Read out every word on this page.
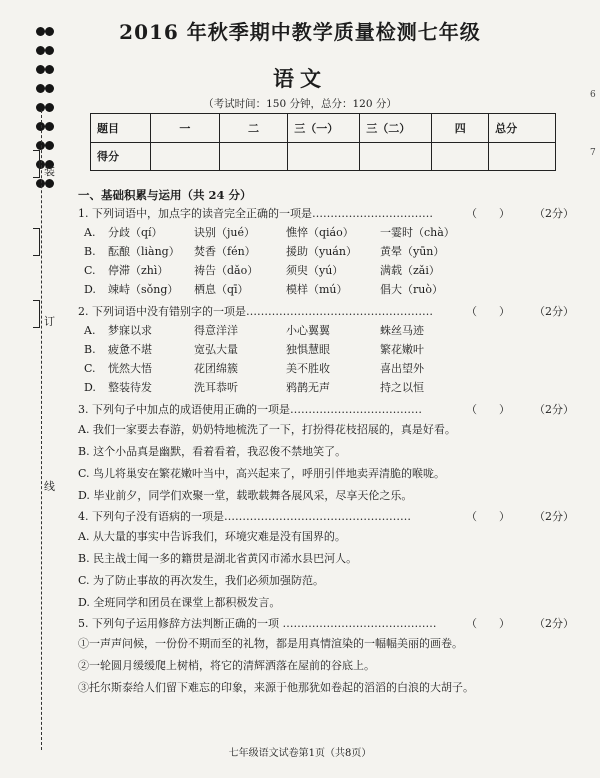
装
订
线
6
7
2016 年秋季期中教学质量检测七年级
语文
（考试时间：150 分钟，总分：120 分）
题目	一	二	三（一）	三（二）	四	总分
得分						
一、基础积累与运用（共 24 分）
1. 下列词语中，加点字的读音完全正确的一项是……………………………	（　　）	（2分）
A.	分歧（qí）	诀别（jué）	憔悴（qiáo）	一霎时（chà）
B.	酝酿（liàng）	焚香（fén）	援助（yuán）	黄晕（yūn）
C.	停滞（zhì）	祷告（dǎo）	须臾（yú）	满载（zǎi）
D.	竦峙（sǒng）	栖息（qī）	模样（mú）	倡大（ruò）
2. 下列词语中没有错别字的一项是……………………………………………	（　　）	（2分）
A.	梦寐以求	得意洋洋	小心翼翼	蛛丝马迹
B.	疲惫不堪	宽弘大量	独惧慧眼	繁花嫩叶
C.	恍然大悟	花团绵簇	美不胜收	喜出望外
D.	整装待发	洗耳恭听	鸦鹊无声	持之以恒
3. 下列句子中加点的成语使用正确的一项是………………………………	（　　）	（2分）
A. 我们一家要去春游，奶奶特地梳洗了一下，打扮得花枝招展的，真是好看。
B. 这个小品真是幽默，看着看着，我忍俊不禁地笑了。
C. 鸟儿将巢安在繁花嫩叶当中，高兴起来了，呼朋引伴地卖弄清脆的喉咙。
D. 毕业前夕，同学们欢聚一堂，载歌载舞各展风采，尽享天伦之乐。
4. 下列句子没有语病的一项是……………………………………………	（　　）	（2分）
A. 从大量的事实中告诉我们，环境灾难是没有国界的。
B. 民主战士闻一多的籍贯是湖北省黄冈市浠水县巴河人。
C. 为了防止事故的再次发生，我们必须加强防范。
D. 全班同学和团员在课堂上都积极发言。
5. 下列句子运用修辞方法判断正确的一项 ……………………………………	（　　）	（2分）
①一声声问候，一份份不期而至的礼物，都是用真情渲染的一幅幅美丽的画卷。
②一轮圆月缓缓爬上树梢，将它的清辉洒落在屋前的谷底上。
③托尔斯泰给人们留下难忘的印象，来源于他那犹如卷起的滔滔的白浪的大胡子。
七年级语文试卷第1页（共8页）
